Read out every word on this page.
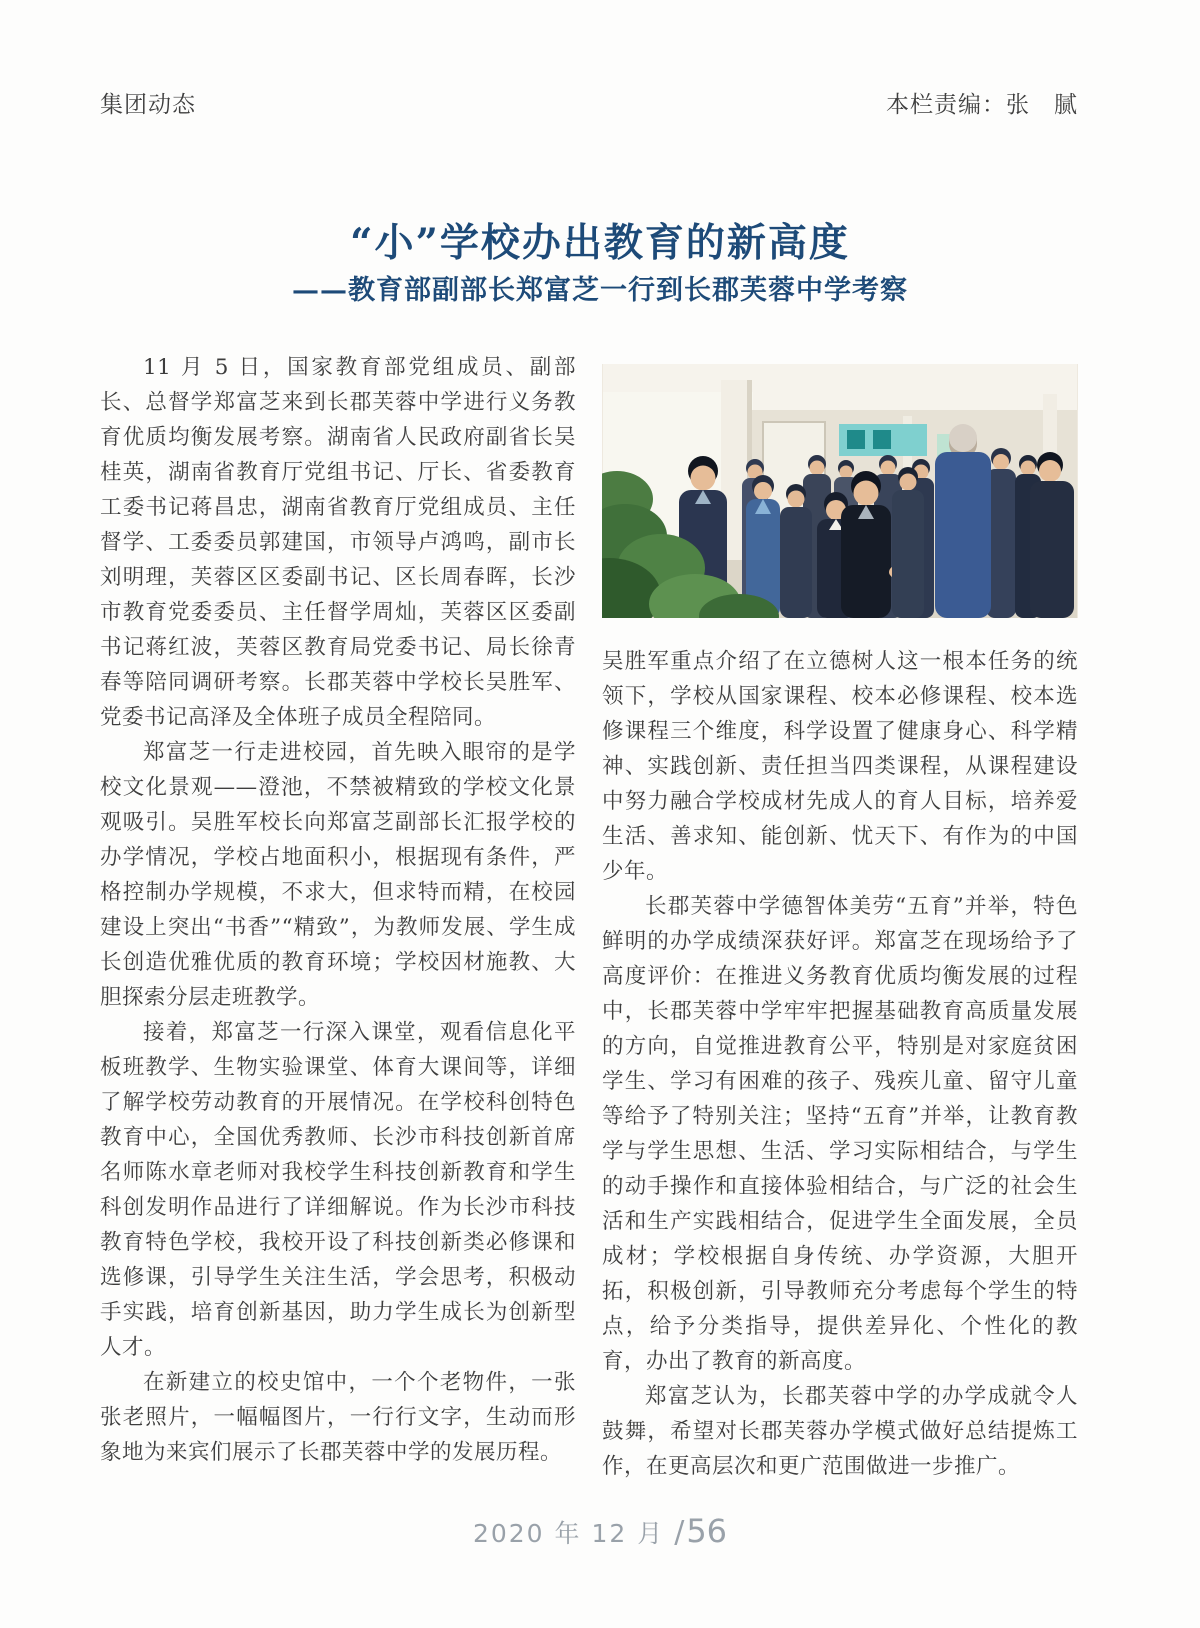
集团动态	本栏责编：张　腻
“小”学校办出教育的新高度
——教育部副部长郑富芝一行到长郡芙蓉中学考察

11 月 5 日，国家教育部党组成员、副部长、总督学郑富芝来到长郡芙蓉中学进行义务教育优质均衡发展考察。湖南省人民政府副省长吴桂英，湖南省教育厅党组书记、厅长、省委教育工委书记蒋昌忠，湖南省教育厅党组成员、主任督学、工委委员郭建国，市领导卢鸿鸣，副市长刘明理，芙蓉区区委副书记、区长周春晖，长沙市教育党委委员、主任督学周灿，芙蓉区区委副书记蒋红波，芙蓉区教育局党委书记、局长徐青春等陪同调研考察。长郡芙蓉中学校长吴胜军、党委书记高泽及全体班子成员全程陪同。

郑富芝一行走进校园，首先映入眼帘的是学校文化景观——澄池，不禁被精致的学校文化景观吸引。吴胜军校长向郑富芝副部长汇报学校的办学情况，学校占地面积小，根据现有条件，严格控制办学规模，不求大，但求特而精，在校园建设上突出“书香”“精致”，为教师发展、学生成长创造优雅优质的教育环境；学校因材施教、大胆探索分层走班教学。

接着，郑富芝一行深入课堂，观看信息化平板班教学、生物实验课堂、体育大课间等，详细了解学校劳动教育的开展情况。在学校科创特色教育中心，全国优秀教师、长沙市科技创新首席名师陈水章老师对我校学生科技创新教育和学生科创发明作品进行了详细解说。作为长沙市科技教育特色学校，我校开设了科技创新类必修课和选修课，引导学生关注生活，学会思考，积极动手实践，培育创新基因，助力学生成长为创新型人才。

在新建立的校史馆中，一个个老物件，一张张老照片，一幅幅图片，一行行文字，生动而形象地为来宾们展示了长郡芙蓉中学的发展历程。

吴胜军重点介绍了在立德树人这一根本任务的统领下，学校从国家课程、校本必修课程、校本选修课程三个维度，科学设置了健康身心、科学精神、实践创新、责任担当四类课程，从课程建设中努力融合学校成材先成人的育人目标，培养爱生活、善求知、能创新、忧天下、有作为的中国少年。

长郡芙蓉中学德智体美劳“五育”并举，特色鲜明的办学成绩深获好评。郑富芝在现场给予了高度评价：在推进义务教育优质均衡发展的过程中，长郡芙蓉中学牢牢把握基础教育高质量发展的方向，自觉推进教育公平，特别是对家庭贫困学生、学习有困难的孩子、残疾儿童、留守儿童等给予了特别关注；坚持“五育”并举，让教育教学与学生思想、生活、学习实际相结合，与学生的动手操作和直接体验相结合，与广泛的社会生活和生产实践相结合，促进学生全面发展，全员成材；学校根据自身传统、办学资源，大胆开拓，积极创新，引导教师充分考虑每个学生的特点，给予分类指导，提供差异化、个性化的教育，办出了教育的新高度。

郑富芝认为，长郡芙蓉中学的办学成就令人鼓舞，希望对长郡芙蓉办学模式做好总结提炼工作，在更高层次和更广范围做进一步推广。

2020 年 12 月 /56
